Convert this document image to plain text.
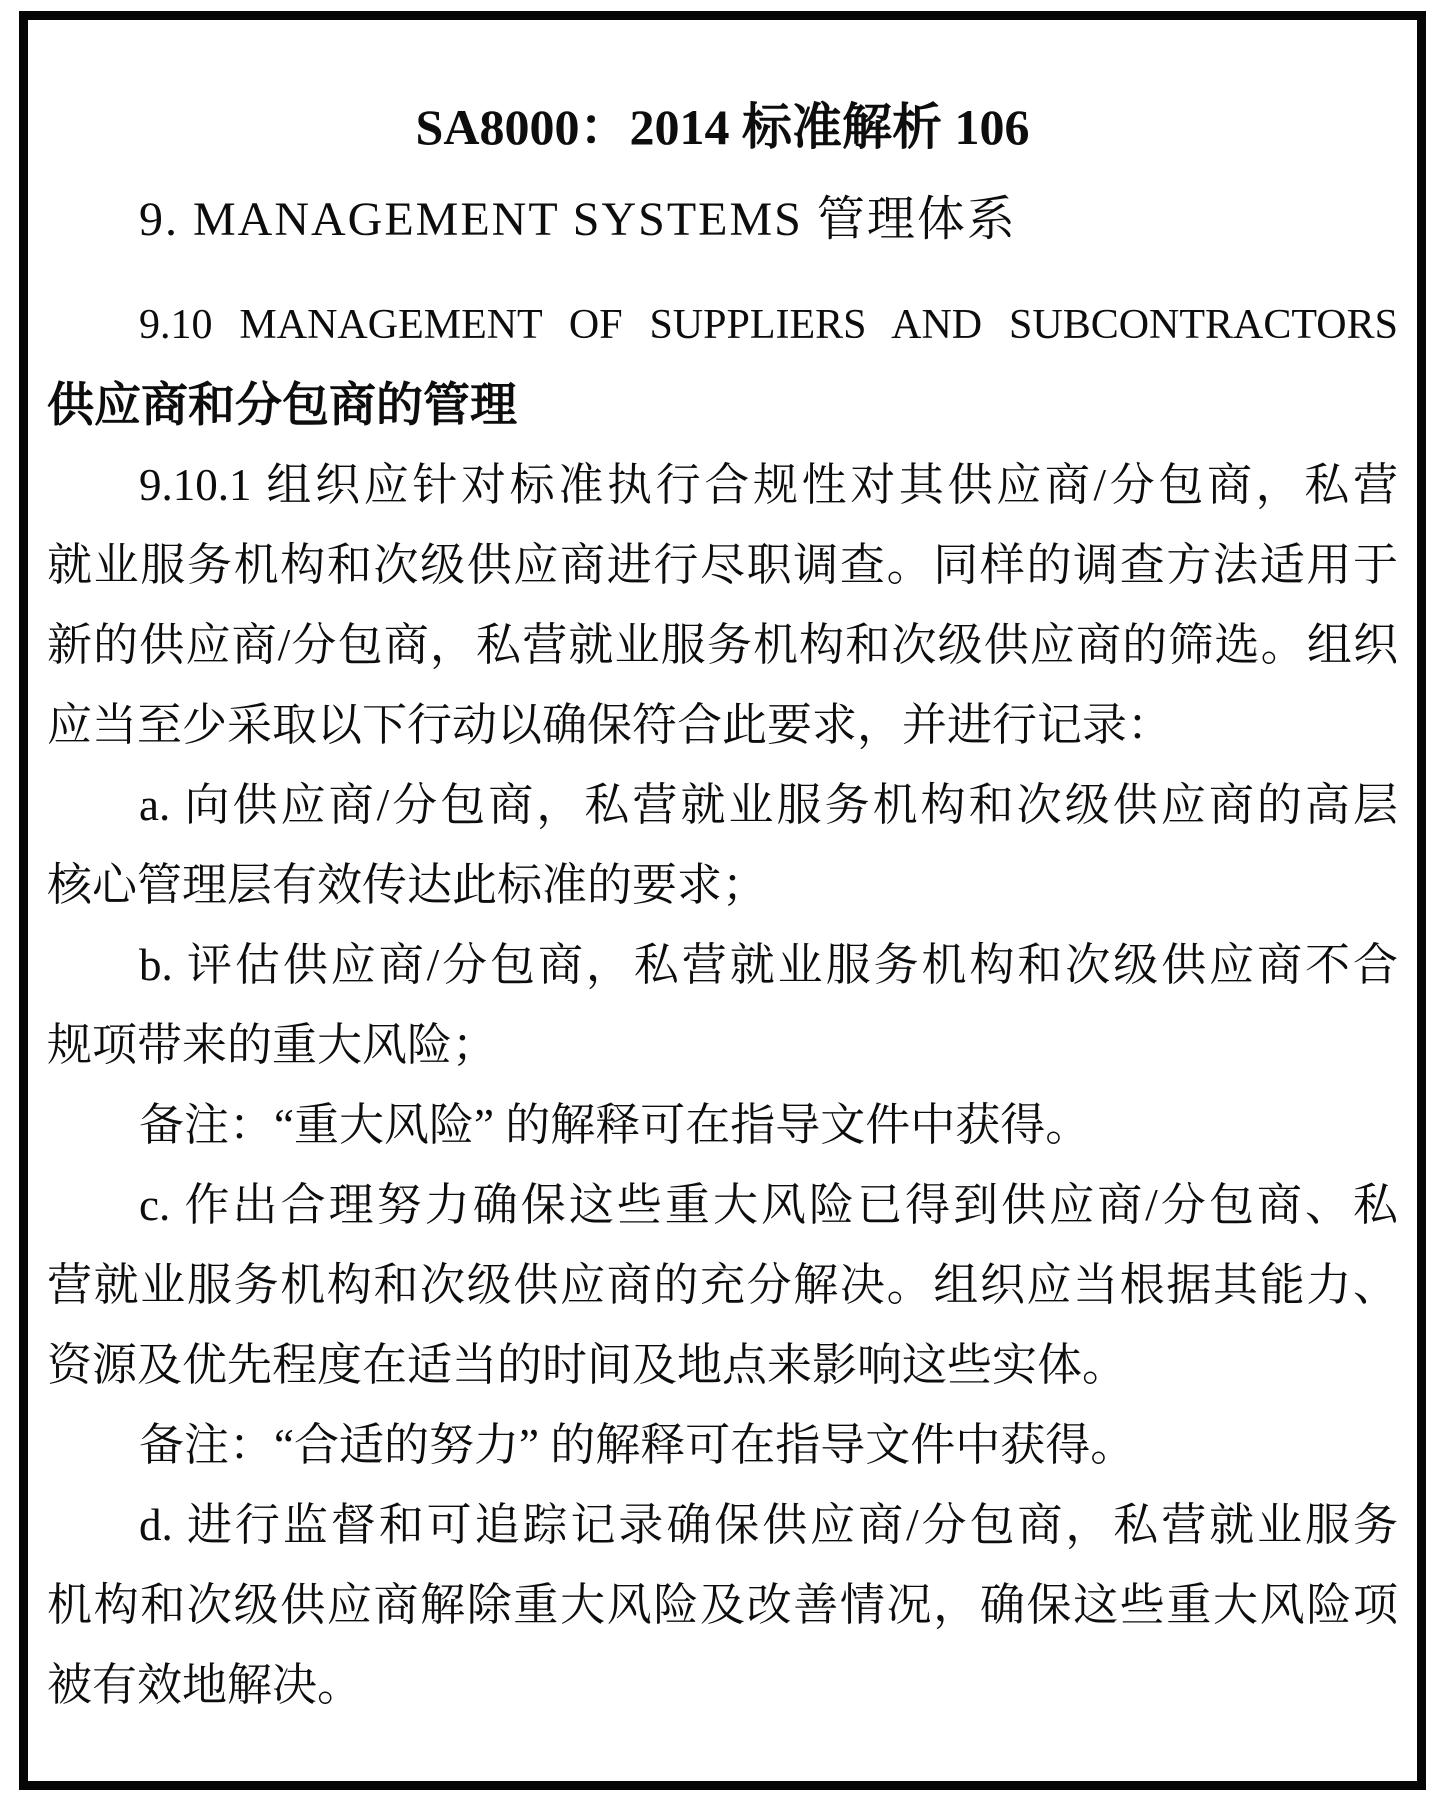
SA8000：2014 标准解析 106
9. MANAGEMENT SYSTEMS 管理体系
9.10 MANAGEMENT OF SUPPLIERS AND SUBCONTRACTORS
供应商和分包商的管理
9.10.1 组织应针对标准执行合规性对其供应商/分包商，私营
就业服务机构和次级供应商进行尽职调查。同样的调查方法适用于
新的供应商/分包商，私营就业服务机构和次级供应商的筛选。组织
应当至少采取以下行动以确保符合此要求，并进行记录：
a. 向供应商/分包商，私营就业服务机构和次级供应商的高层
核心管理层有效传达此标准的要求；
b. 评估供应商/分包商，私营就业服务机构和次级供应商不合
规项带来的重大风险；
备注：“重大风险” 的解释可在指导文件中获得。
c. 作出合理努力确保这些重大风险已得到供应商/分包商、私
营就业服务机构和次级供应商的充分解决。组织应当根据其能力、
资源及优先程度在适当的时间及地点来影响这些实体。
备注：“合适的努力” 的解释可在指导文件中获得。
d. 进行监督和可追踪记录确保供应商/分包商，私营就业服务
机构和次级供应商解除重大风险及改善情况，确保这些重大风险项
被有效地解决。
